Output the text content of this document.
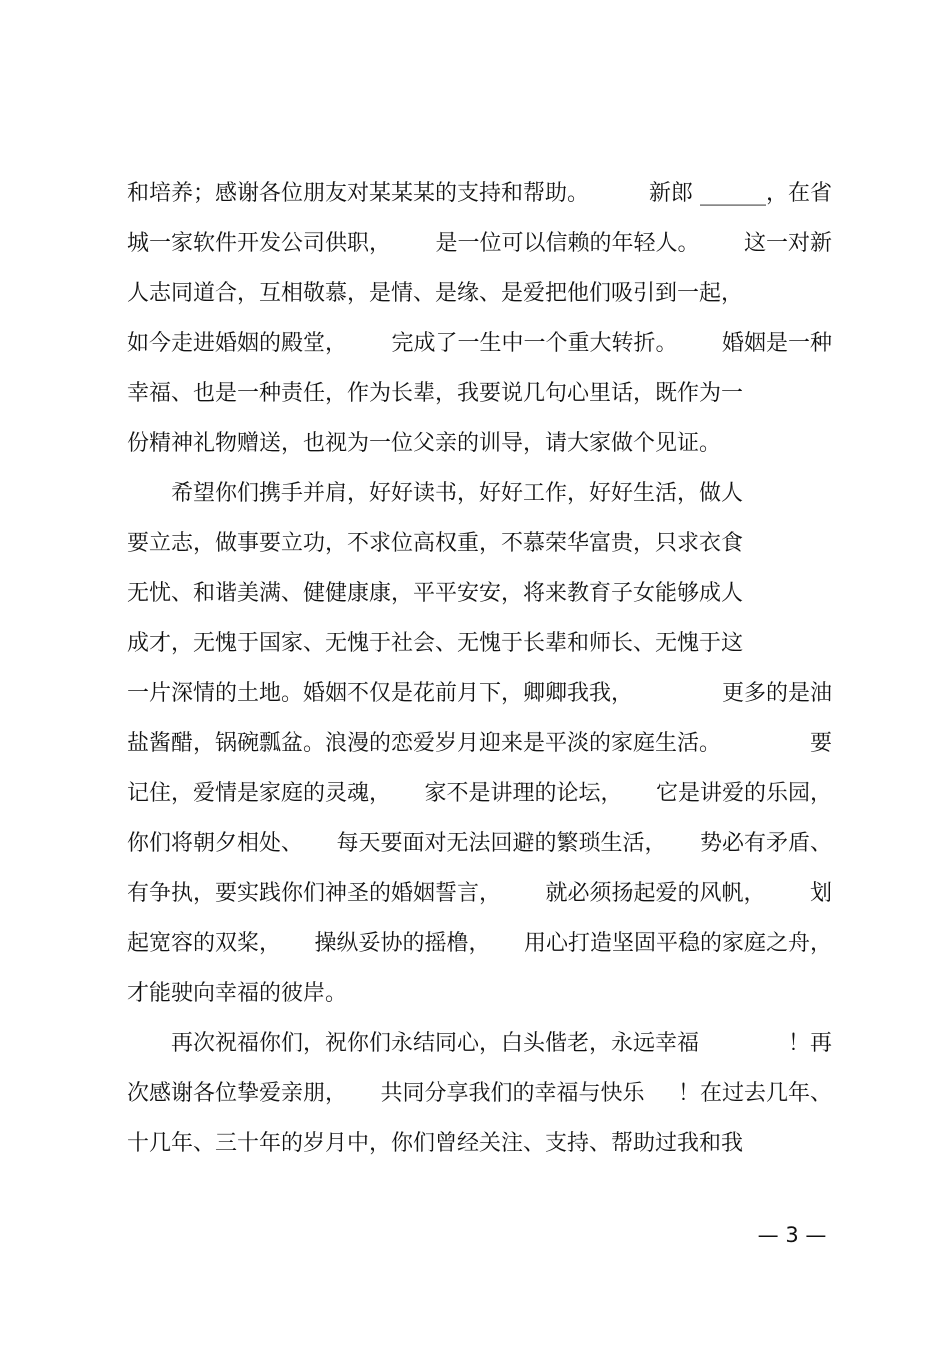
和培养；感谢各位朋友对某某某的支持和帮助。	新郎 ______，在省
城一家软件开发公司供职， 是一位可以信赖的年轻人。 这一对新
人志同道合，互相敬慕，是情、是缘、是爱把他们吸引到一起，
如今走进婚姻的殿堂， 完成了一生中一个重大转折。 婚姻是一种
幸福、也是一种责任，作为长辈，我要说几句心里话，既作为一
份精神礼物赠送，也视为一位父亲的训导，请大家做个见证。
　　希望你们携手并肩，好好读书，好好工作，好好生活，做人
要立志，做事要立功，不求位高权重，不慕荣华富贵，只求衣食
无忧、和谐美满、健健康康，平平安安，将来教育子女能够成人
成才，无愧于国家、无愧于社会、无愧于长辈和师长、无愧于这
一片深情的土地。婚姻不仅是花前月下，卿卿我我，	更多的是油
盐酱醋，锅碗瓢盆。浪漫的恋爱岁月迎来是平淡的家庭生活。	要
记住，爱情是家庭的灵魂， 家不是讲理的论坛， 它是讲爱的乐园，
你们将朝夕相处、 每天要面对无法回避的繁琐生活， 势必有矛盾、
有争执，要实践你们神圣的婚姻誓言， 就必须扬起爱的风帆， 划
起宽容的双桨， 操纵妥协的摇橹， 用心打造坚固平稳的家庭之舟，
才能驶向幸福的彼岸。
　　再次祝福你们，祝你们永结同心，白头偕老，永远幸福	！再
次感谢各位挚爱亲朋， 共同分享我们的幸福与快乐 ！在过去几年、
十几年、三十年的岁月中，你们曾经关注、支持、帮助过我和我
— 3 —
